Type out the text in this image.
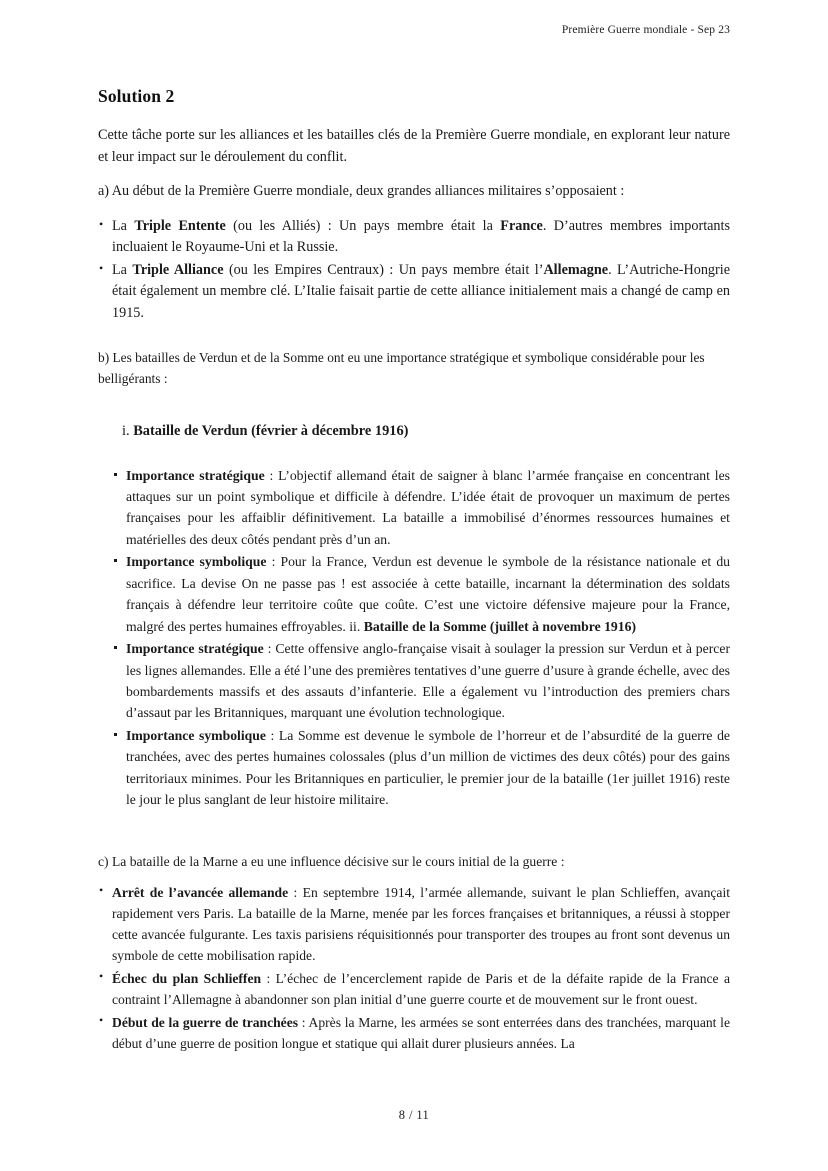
Première Guerre mondiale - Sep 23
Solution 2

Cette tâche porte sur les alliances et les batailles clés de la Première Guerre mondiale, en explorant leur nature et leur impact sur le déroulement du conflit.

a) Au début de la Première Guerre mondiale, deux grandes alliances militaires s’opposaient :

• La Triple Entente (ou les Alliés) : Un pays membre était la France. D’autres membres importants incluaient le Royaume-Uni et la Russie.
• La Triple Alliance (ou les Empires Centraux) : Un pays membre était l’Allemagne. L’Autriche-Hongrie était également un membre clé. L’Italie faisait partie de cette alliance initialement mais a changé de camp en 1915.

b) Les batailles de Verdun et de la Somme ont eu une importance stratégique et symbolique considérable pour les belligérants :

i. Bataille de Verdun (février à décembre 1916)

Importance stratégique : L’objectif allemand était de saigner à blanc l’armée française en concentrant les attaques sur un point symbolique et difficile à défendre. L’idée était de provoquer un maximum de pertes françaises pour les affaiblir définitivement. La bataille a immobilisé d’énormes ressources humaines et matérielles des deux côtés pendant près d’un an.
Importance symbolique : Pour la France, Verdun est devenue le symbole de la résistance nationale et du sacrifice. La devise On ne passe pas ! est associée à cette bataille, incarnant la détermination des soldats français à défendre leur territoire coûte que coûte. C’est une victoire défensive majeure pour la France, malgré des pertes humaines effroyables. ii. Bataille de la Somme (juillet à novembre 1916)
Importance stratégique : Cette offensive anglo-française visait à soulager la pression sur Verdun et à percer les lignes allemandes. Elle a été l’une des premières tentatives d’une guerre d’usure à grande échelle, avec des bombardements massifs et des assauts d’infanterie. Elle a également vu l’introduction des premiers chars d’assaut par les Britanniques, marquant une évolution technologique.
Importance symbolique : La Somme est devenue le symbole de l’horreur et de l’absurdité de la guerre de tranchées, avec des pertes humaines colossales (plus d’un million de victimes des deux côtés) pour des gains territoriaux minimes. Pour les Britanniques en particulier, le premier jour de la bataille (1er juillet 1916) reste le jour le plus sanglant de leur histoire militaire.

c) La bataille de la Marne a eu une influence décisive sur le cours initial de la guerre :

• Arrêt de l’avancée allemande : En septembre 1914, l’armée allemande, suivant le plan Schlieffen, avançait rapidement vers Paris. La bataille de la Marne, menée par les forces françaises et britanniques, a réussi à stopper cette avancée fulgurante. Les taxis parisiens réquisitionnés pour transporter des troupes au front sont devenus un symbole de cette mobilisation rapide.
• Échec du plan Schlieffen : L’échec de l’encerclement rapide de Paris et de la défaite rapide de la France a contraint l’Allemagne à abandonner son plan initial d’une guerre courte et de mouvement sur le front ouest.
• Début de la guerre de tranchées : Après la Marne, les armées se sont enterrées dans des tranchées, marquant le début d’une guerre de position longue et statique qui allait durer plusieurs années. La
8 / 11
